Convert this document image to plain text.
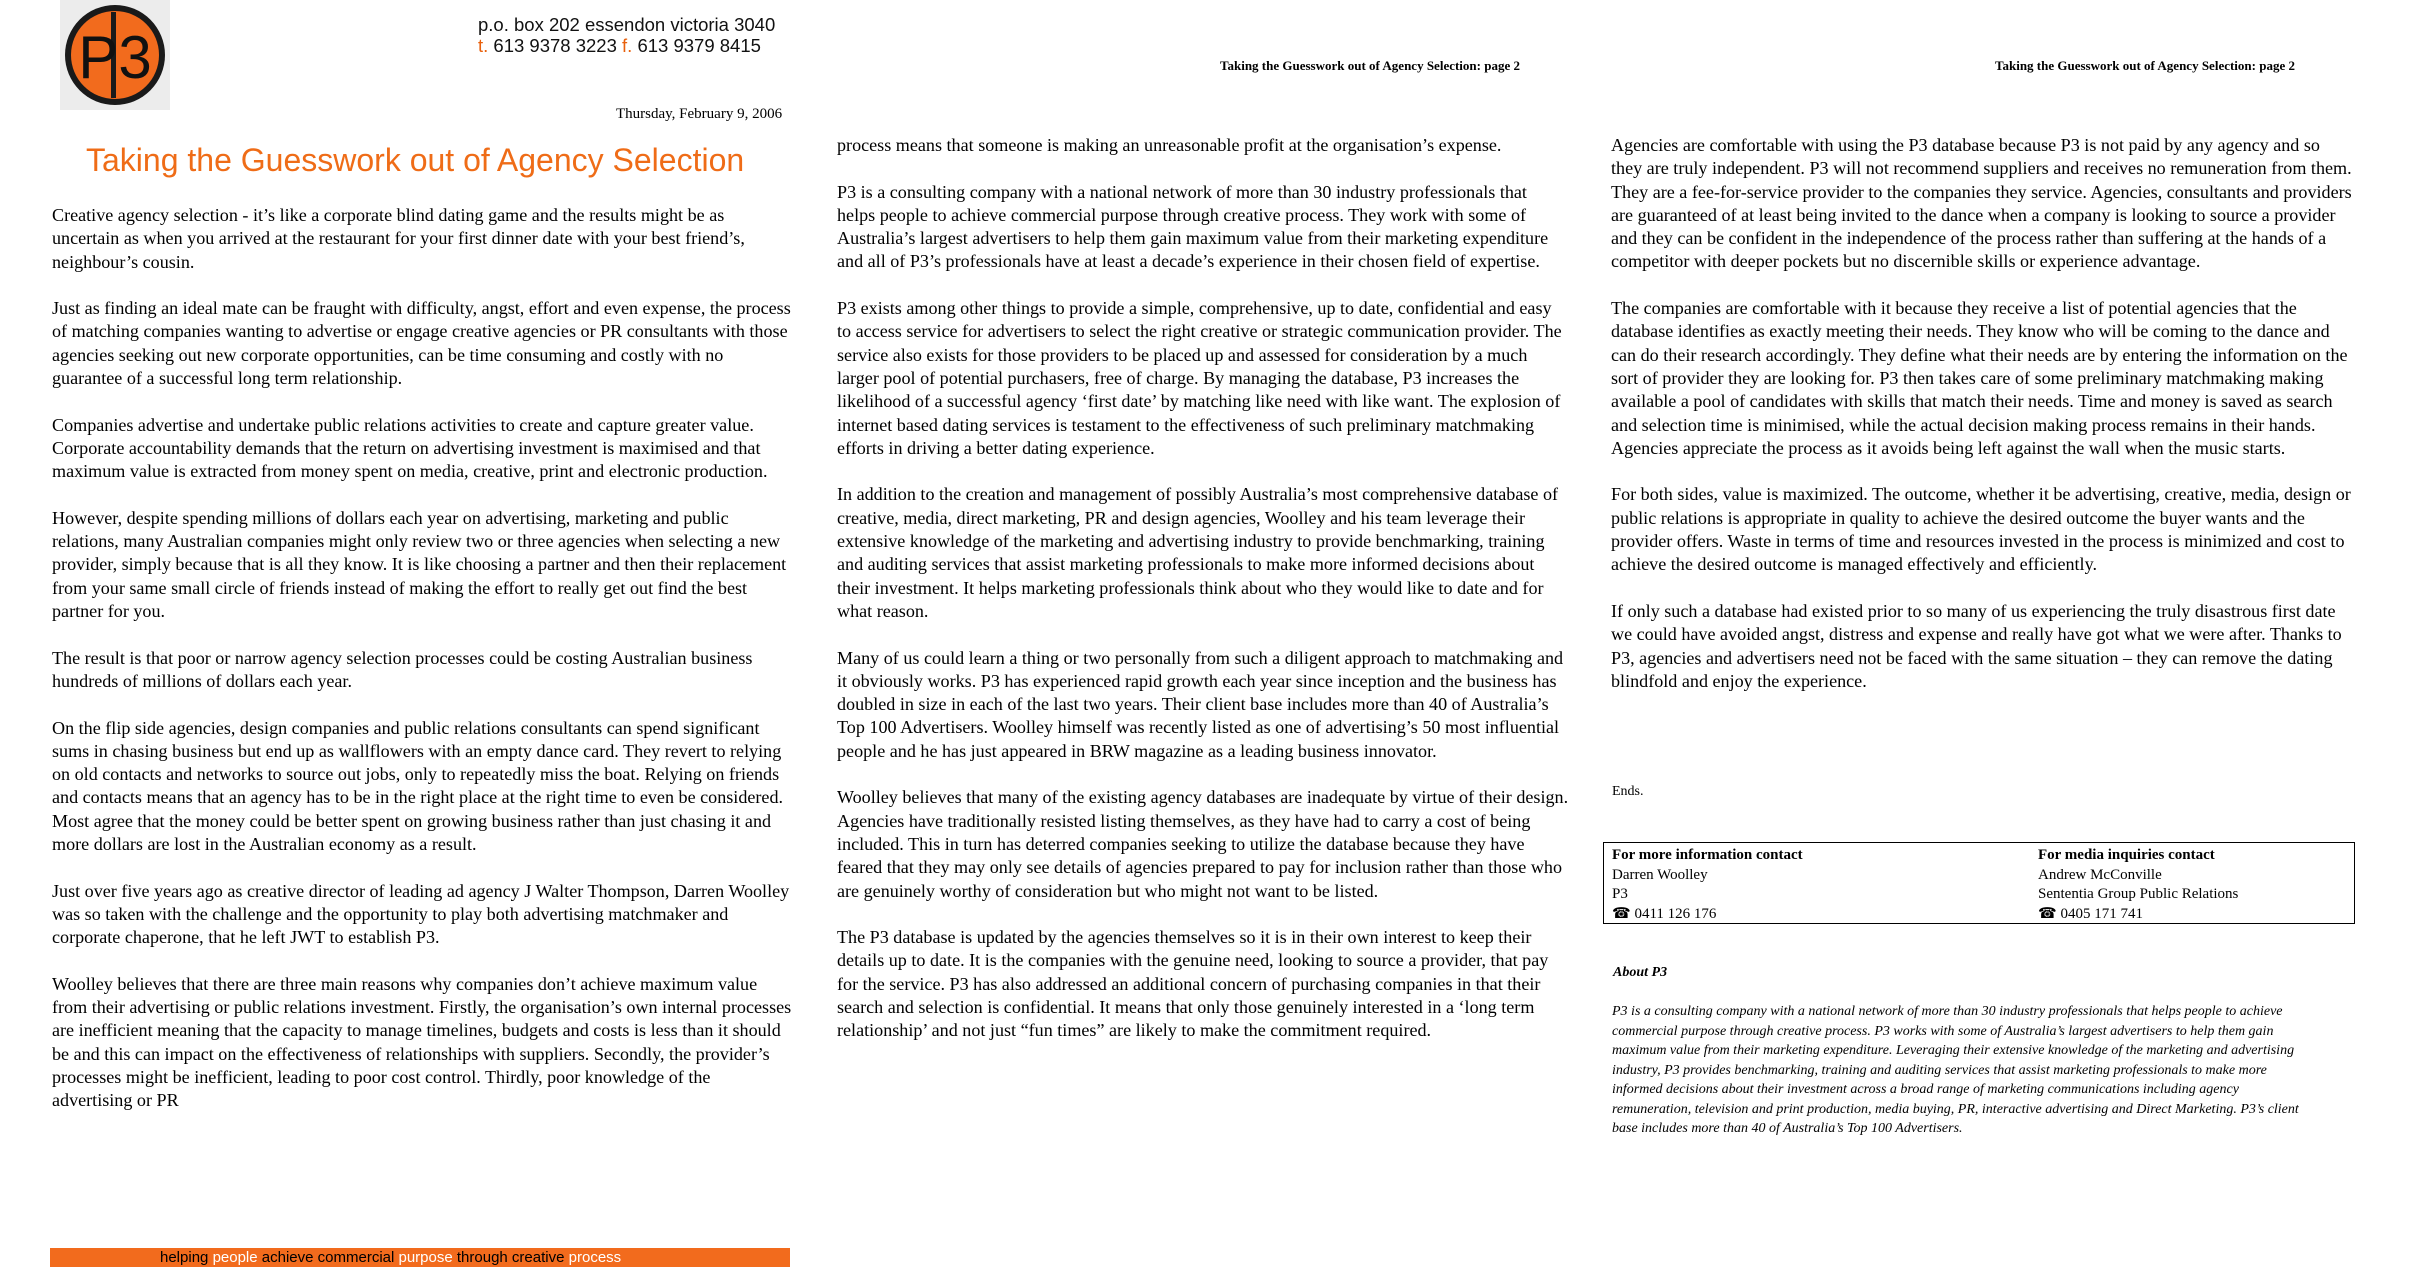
P3	p.o. box 202 essendon victoria 3040
t. 613 9378 3223 f. 613 9379 8415
Taking the Guesswork out of Agency Selection: page 2	Taking the Guesswork out of Agency Selection: page 2
Thursday, February 9, 2006
Taking the Guesswork out of Agency Selection

Creative agency selection - it’s like a corporate blind dating game and the results might be as uncertain as when you arrived at the restaurant for your first dinner date with your best friend’s, neighbour’s cousin.

Just as finding an ideal mate can be fraught with difficulty, angst, effort and even expense, the process of matching companies wanting to advertise or engage creative agencies or PR consultants with those agencies seeking out new corporate opportunities, can be time consuming and costly with no guarantee of a successful long term relationship.

Companies advertise and undertake public relations activities to create and capture greater value. Corporate accountability demands that the return on advertising investment is maximised and that maximum value is extracted from money spent on media, creative, print and electronic production.

However, despite spending millions of dollars each year on advertising, marketing and public relations, many Australian companies might only review two or three agencies when selecting a new provider, simply because that is all they know. It is like choosing a partner and then their replacement from your same small circle of friends instead of making the effort to really get out find the best partner for you.

The result is that poor or narrow agency selection processes could be costing Australian business hundreds of millions of dollars each year.

On the flip side agencies, design companies and public relations consultants can spend significant sums in chasing business but end up as wallflowers with an empty dance card. They revert to relying on old contacts and networks to source out jobs, only to repeatedly miss the boat. Relying on friends and contacts means that an agency has to be in the right place at the right time to even be considered. Most agree that the money could be better spent on growing business rather than just chasing it and more dollars are lost in the Australian economy as a result.

Just over five years ago as creative director of leading ad agency J Walter Thompson, Darren Woolley was so taken with the challenge and the opportunity to play both advertising matchmaker and corporate chaperone, that he left JWT to establish P3.

Woolley believes that there are three main reasons why companies don’t achieve maximum value from their advertising or public relations investment. Firstly, the organisation’s own internal processes are inefficient meaning that the capacity to manage timelines, budgets and costs is less than it should be and this can impact on the effectiveness of relationships with suppliers. Secondly, the provider’s processes might be inefficient, leading to poor cost control. Thirdly, poor knowledge of the advertising or PR

process means that someone is making an unreasonable profit at the organisation’s expense.

P3 is a consulting company with a national network of more than 30 industry professionals that helps people to achieve commercial purpose through creative process. They work with some of Australia’s largest advertisers to help them gain maximum value from their marketing expenditure and all of P3’s professionals have at least a decade’s experience in their chosen field of expertise.

P3 exists among other things to provide a simple, comprehensive, up to date, confidential and easy to access service for advertisers to select the right creative or strategic communication provider. The service also exists for those providers to be placed up and assessed for consideration by a much larger pool of potential purchasers, free of charge. By managing the database, P3 increases the likelihood of a successful agency ‘first date’ by matching like need with like want. The explosion of internet based dating services is testament to the effectiveness of such preliminary matchmaking efforts in driving a better dating experience.

In addition to the creation and management of possibly Australia’s most comprehensive database of creative, media, direct marketing, PR and design agencies, Woolley and his team leverage their extensive knowledge of the marketing and advertising industry to provide benchmarking, training and auditing services that assist marketing professionals to make more informed decisions about their investment. It helps marketing professionals think about who they would like to date and for what reason.

Many of us could learn a thing or two personally from such a diligent approach to matchmaking and it obviously works. P3 has experienced rapid growth each year since inception and the business has doubled in size in each of the last two years. Their client base includes more than 40 of Australia’s Top 100 Advertisers. Woolley himself was recently listed as one of advertising’s 50 most influential people and he has just appeared in BRW magazine as a leading business innovator.

Woolley believes that many of the existing agency databases are inadequate by virtue of their design. Agencies have traditionally resisted listing themselves, as they have had to carry a cost of being included. This in turn has deterred companies seeking to utilize the database because they have feared that they may only see details of agencies prepared to pay for inclusion rather than those who are genuinely worthy of consideration but who might not want to be listed.

The P3 database is updated by the agencies themselves so it is in their own interest to keep their details up to date. It is the companies with the genuine need, looking to source a provider, that pay for the service. P3 has also addressed an additional concern of purchasing companies in that their search and selection is confidential. It means that only those genuinely interested in a ‘long term relationship’ and not just “fun times” are likely to make the commitment required.

Agencies are comfortable with using the P3 database because P3 is not paid by any agency and so they are truly independent. P3 will not recommend suppliers and receives no remuneration from them. They are a fee-for-service provider to the companies they service. Agencies, consultants and providers are guaranteed of at least being invited to the dance when a company is looking to source a provider and they can be confident in the independence of the process rather than suffering at the hands of a competitor with deeper pockets but no discernible skills or experience advantage.

The companies are comfortable with it because they receive a list of potential agencies that the database identifies as exactly meeting their needs. They know who will be coming to the dance and can do their research accordingly. They define what their needs are by entering the information on the sort of provider they are looking for. P3 then takes care of some preliminary matchmaking making available a pool of candidates with skills that match their needs. Time and money is saved as search and selection time is minimised, while the actual decision making process remains in their hands. Agencies appreciate the process as it avoids being left against the wall when the music starts.

For both sides, value is maximized. The outcome, whether it be advertising, creative, media, design or public relations is appropriate in quality to achieve the desired outcome the buyer wants and the provider offers. Waste in terms of time and resources invested in the process is minimized and cost to achieve the desired outcome is managed effectively and efficiently.

If only such a database had existed prior to so many of us experiencing the truly disastrous first date we could have avoided angst, distress and expense and really have got what we were after. Thanks to P3, agencies and advertisers need not be faced with the same situation – they can remove the dating blindfold and enjoy the experience.

Ends.
For more information contact
Darren Woolley
P3
☎ 0411 126 176
For media inquiries contact
Andrew McConville
Sententia Group Public Relations
☎ 0405 171 741
About P3
P3 is a consulting company with a national network of more than 30 industry professionals that helps people to achieve commercial purpose through creative process. P3 works with some of Australia’s largest advertisers to help them gain maximum value from their marketing expenditure. Leveraging their extensive knowledge of the marketing and advertising industry, P3 provides benchmarking, training and auditing services that assist marketing professionals to make more informed decisions about their investment across a broad range of marketing communications including agency remuneration, television and print production, media buying, PR, interactive advertising and Direct Marketing. P3’s client base includes more than 40 of Australia’s Top 100 Advertisers.
helping people achieve commercial purpose through creative process
